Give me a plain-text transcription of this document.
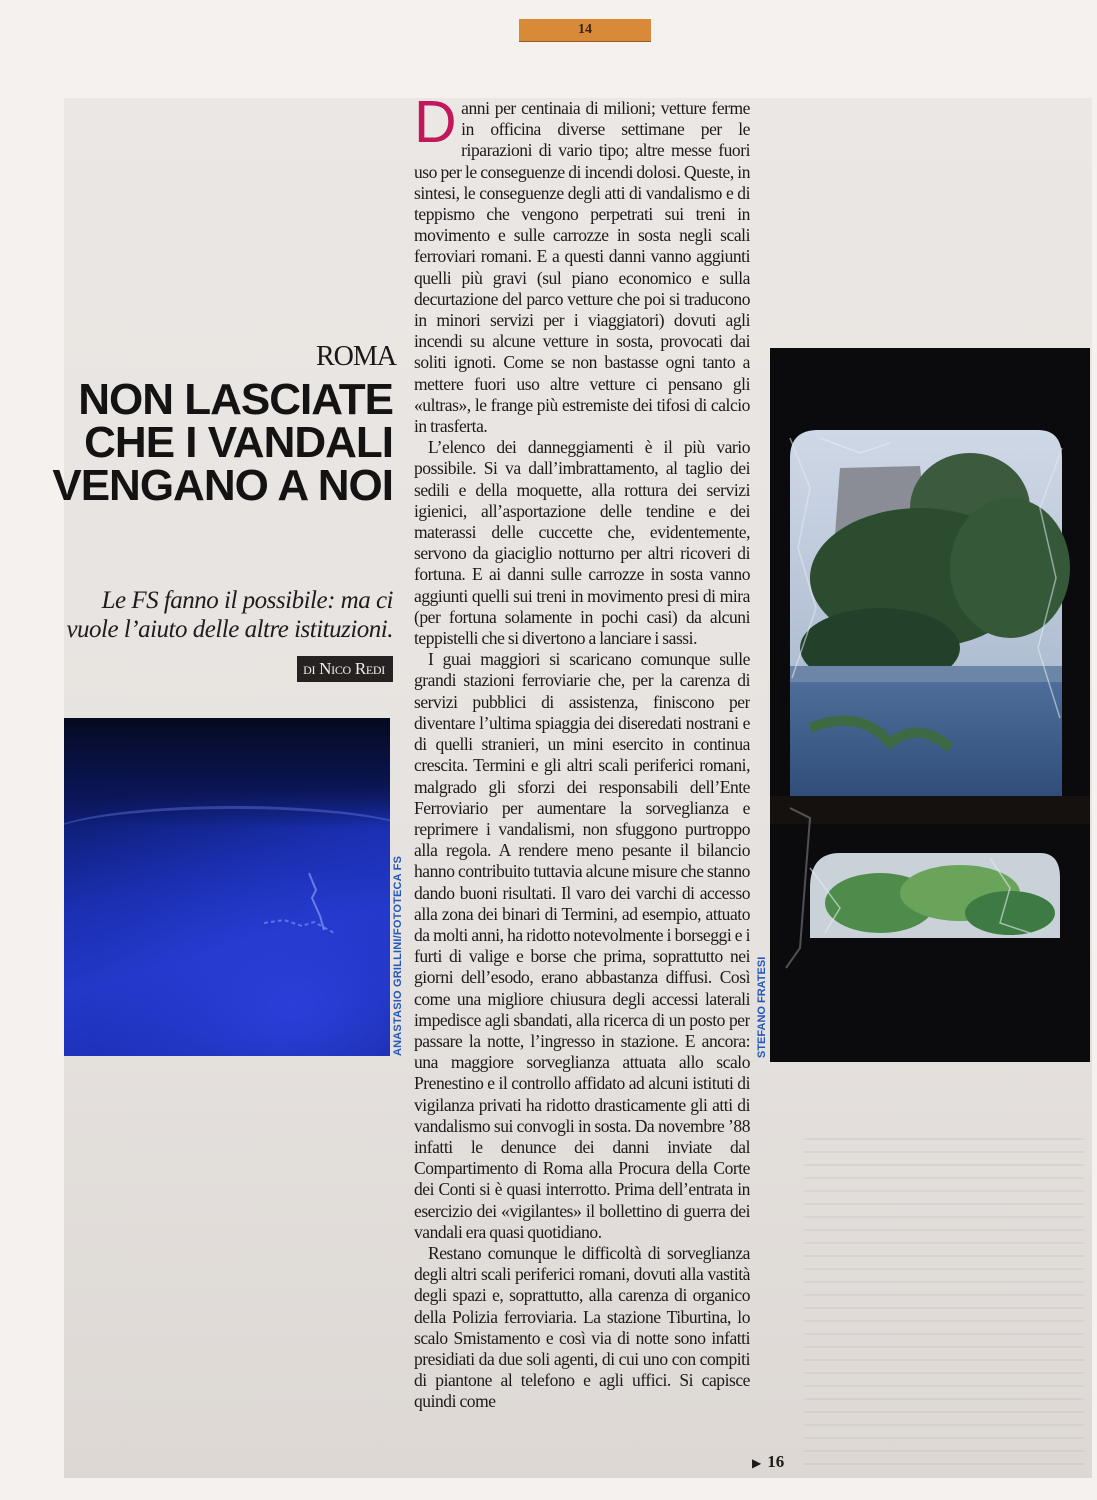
14
ROMA
NON LASCIATE CHE I VANDALI VENGANO A NOI

Le FS fanno il possibile: ma ci vuole l’aiuto delle altre istituzioni.

di Nico Redi
ANASTASIO GRILLINI/FOTOTECA FS	STEFANO FRATESI

Danni per centinaia di milioni; vetture ferme in officina diverse settimane per le riparazioni di vario tipo; altre messe fuori uso per le conseguenze di incendi dolosi. Queste, in sintesi, le conseguenze degli atti di vandalismo e di teppismo che vengono perpetrati sui treni in movimento e sulle carrozze in sosta negli scali ferroviari romani. E a questi danni vanno aggiunti quelli più gravi (sul piano economico e sulla decurtazione del parco vetture che poi si traducono in minori servizi per i viaggiatori) dovuti agli incendi su alcune vetture in sosta, provocati dai soliti ignoti. Come se non bastasse ogni tanto a mettere fuori uso altre vetture ci pensano gli «ultras», le frange più estremiste dei tifosi di calcio in trasferta.

L’elenco dei danneggiamenti è il più vario possibile. Si va dall’imbrattamento, al taglio dei sedili e della moquette, alla rottura dei servizi igienici, all’asportazione delle tendine e dei materassi delle cuccette che, evidentemente, servono da giaciglio notturno per altri ricoveri di fortuna. E ai danni sulle carrozze in sosta vanno aggiunti quelli sui treni in movimento presi di mira (per fortuna solamente in pochi casi) da alcuni teppistelli che si divertono a lanciare i sassi.

I guai maggiori si scaricano comunque sulle grandi stazioni ferroviarie che, per la carenza di servizi pubblici di assistenza, finiscono per diventare l’ultima spiaggia dei diseredati nostrani e di quelli stranieri, un mini esercito in continua crescita. Termini e gli altri scali periferici romani, malgrado gli sforzi dei responsabili dell’Ente Ferroviario per aumentare la sorveglianza e reprimere i vandalismi, non sfuggono purtroppo alla regola. A rendere meno pesante il bilancio hanno contribuito tuttavia alcune misure che stanno dando buoni risultati. Il varo dei varchi di accesso alla zona dei binari di Termini, ad esempio, attuato da molti anni, ha ridotto notevolmente i borseggi e i furti di valige e borse che prima, soprattutto nei giorni dell’esodo, erano abbastanza diffusi. Così come una migliore chiusura degli accessi laterali impedisce agli sbandati, alla ricerca di un posto per passare la notte, l’ingresso in stazione. E ancora: una maggiore sorveglianza attuata allo scalo Prenestino e il controllo affidato ad alcuni istituti di vigilanza privati ha ridotto drasticamente gli atti di vandalismo sui convogli in sosta. Da novembre ’88 infatti le denunce dei danni inviate dal Compartimento di Roma alla Procura della Corte dei Conti si è quasi interrotto. Prima dell’entrata in esercizio dei «vigilantes» il bollettino di guerra dei vandali era quasi quotidiano.

Restano comunque le difficoltà di sorveglianza degli altri scali periferici romani, dovuti alla vastità degli spazi e, soprattutto, alla carenza di organico della Polizia ferroviaria. La stazione Tiburtina, lo scalo Smistamento e così via di notte sono infatti presidiati da due soli agenti, di cui uno con compiti di piantone al telefono e agli uffici. Si capisce quindi come

▶ 16
